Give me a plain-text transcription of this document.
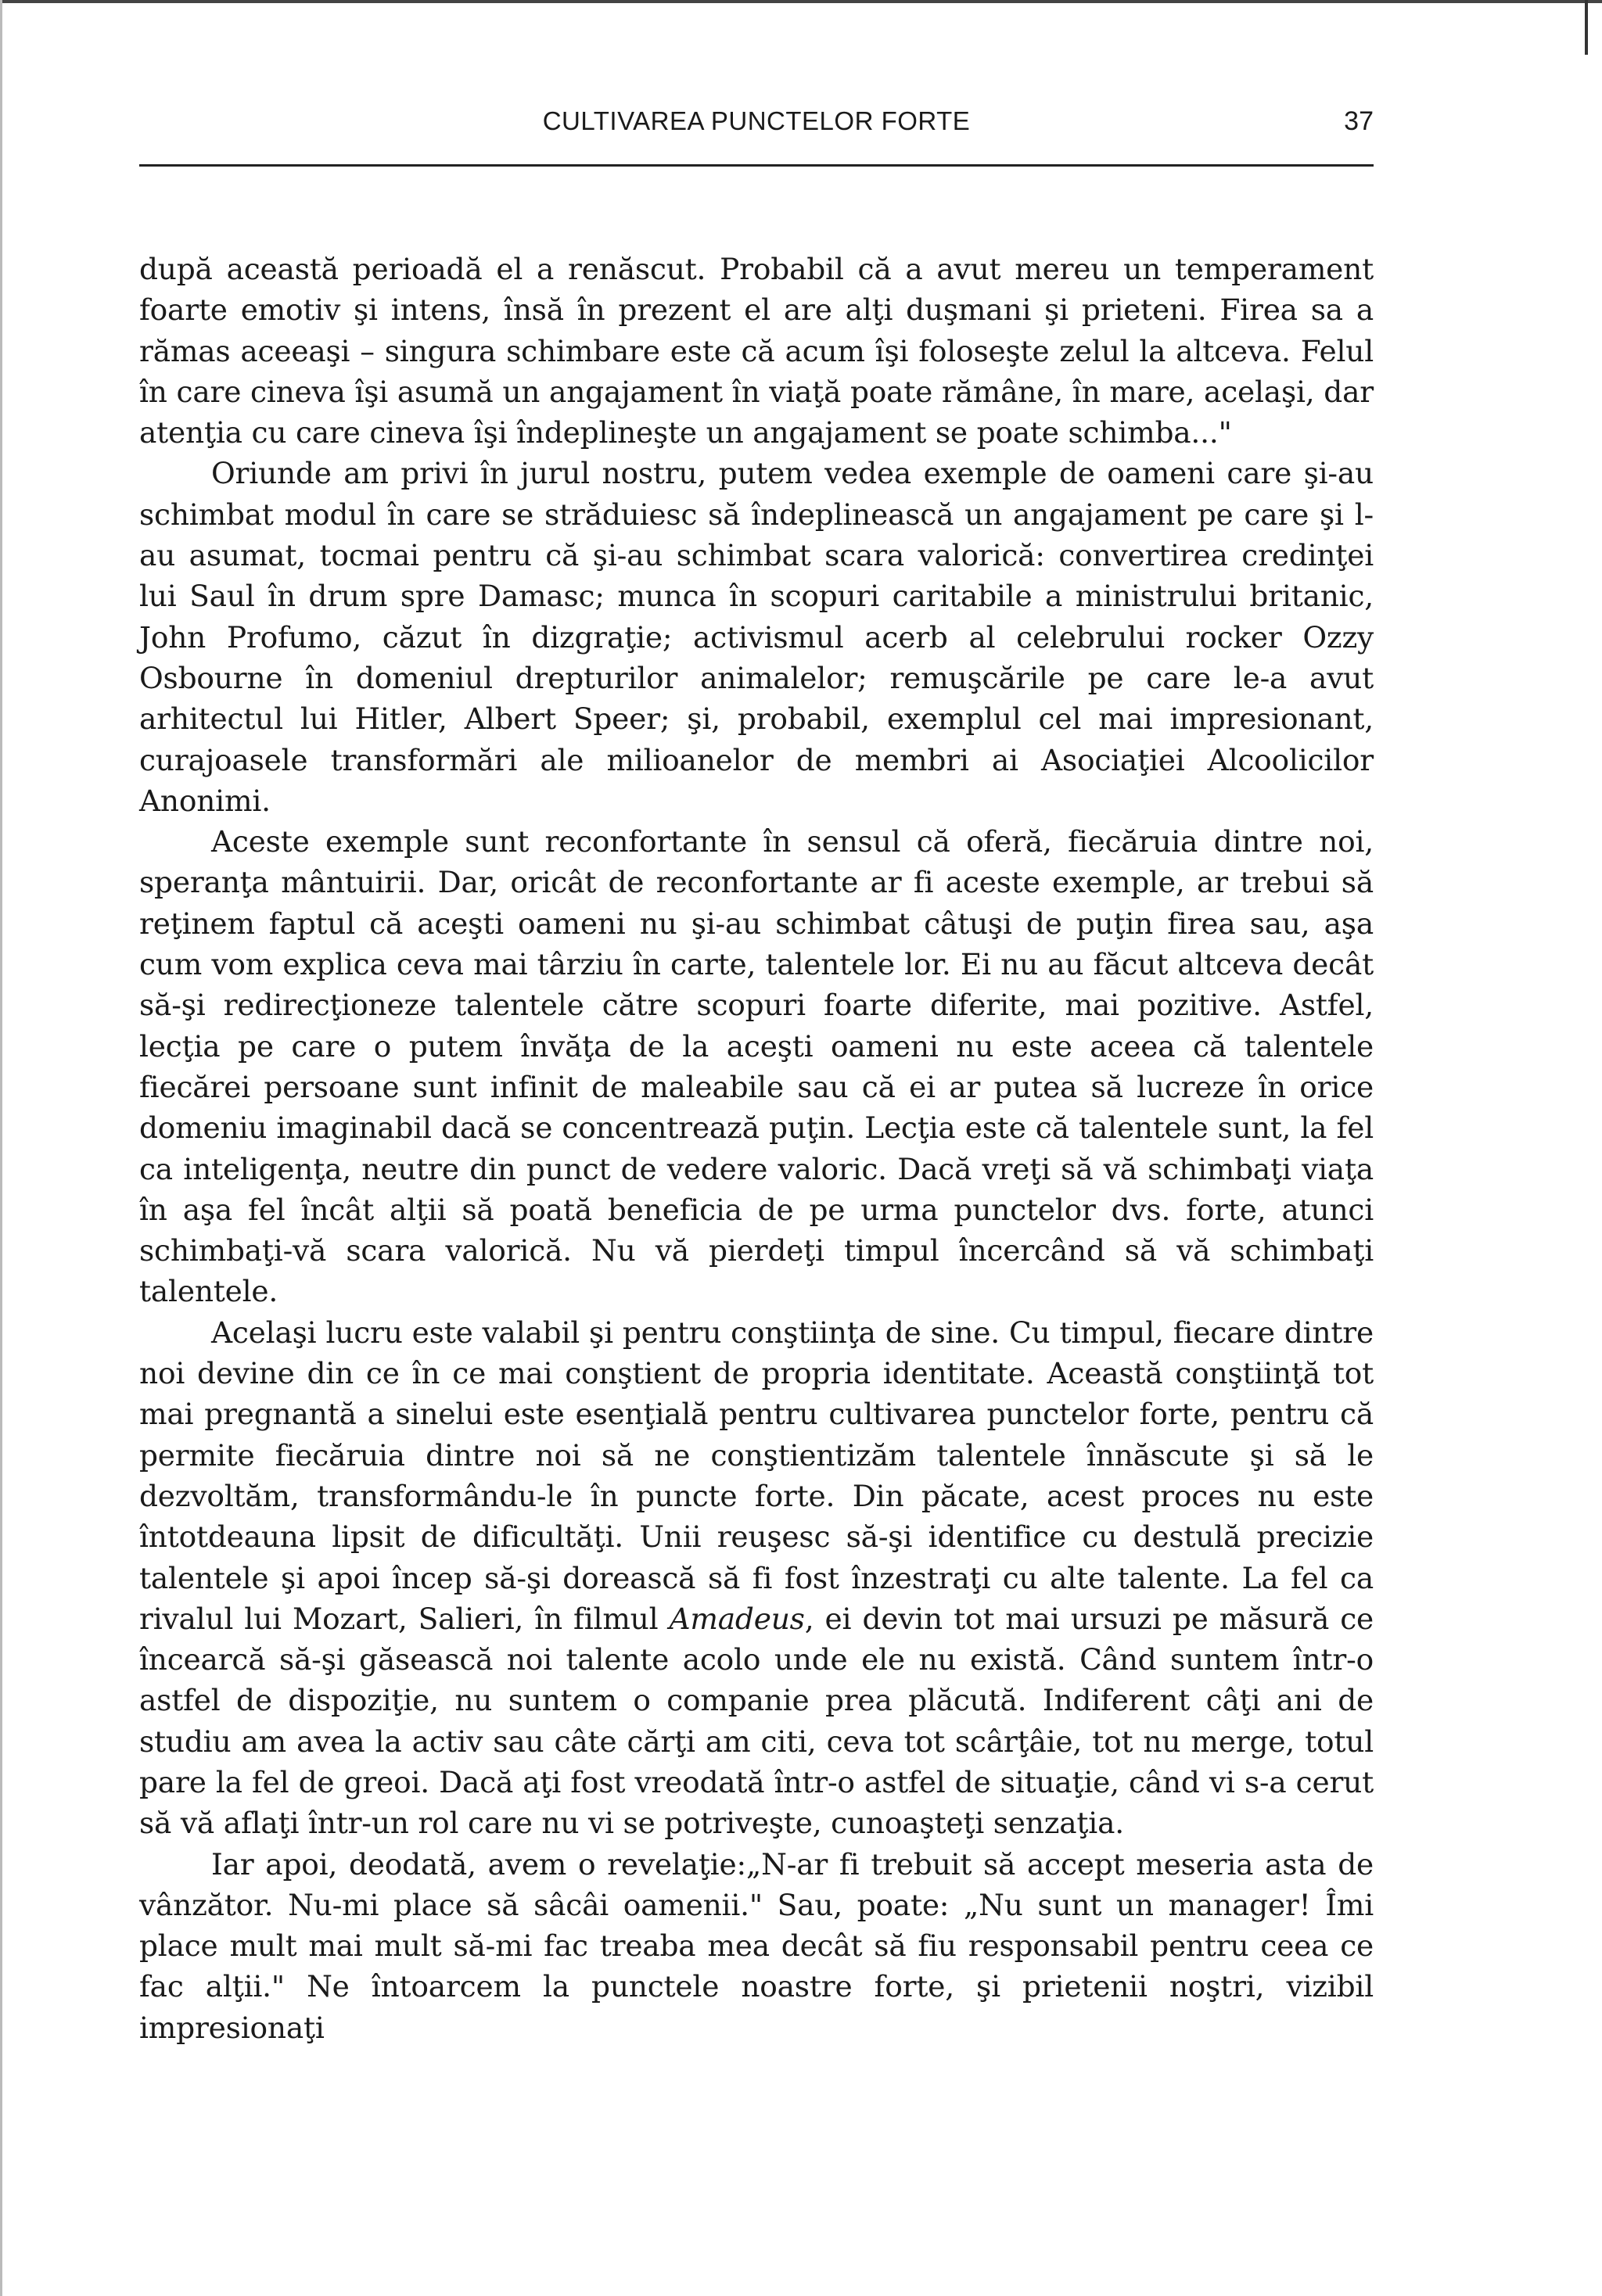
CULTIVAREA PUNCTELOR FORTE	37

după această perioadă el a renăscut. Probabil că a avut mereu un temperament foarte emotiv şi intens, însă în prezent el are alţi duşmani şi prieteni. Firea sa a rămas aceeaşi – singura schimbare este că acum îşi foloseşte zelul la altceva. Felul în care cineva îşi asumă un angajament în viaţă poate rămâne, în mare, acelaşi, dar atenţia cu care cineva îşi îndeplineşte un angajament se poate schimba..."

Oriunde am privi în jurul nostru, putem vedea exemple de oameni care şi-au schimbat modul în care se străduiesc să îndeplinească un angajament pe care şi l-au asumat, tocmai pentru că şi-au schimbat scara valorică: convertirea credinţei lui Saul în drum spre Damasc; munca în scopuri caritabile a ministrului britanic, John Profumo, căzut în dizgraţie; activismul acerb al celebrului rocker Ozzy Osbourne în domeniul drepturilor animalelor; remuşcările pe care le-a avut arhitectul lui Hitler, Albert Speer; şi, probabil, exemplul cel mai impresionant, curajoasele transformări ale milioanelor de membri ai Asociaţiei Alcoolicilor Anonimi.

Aceste exemple sunt reconfortante în sensul că oferă, fiecăruia dintre noi, speranţa mântuirii. Dar, oricât de reconfortante ar fi aceste exemple, ar trebui să reţinem faptul că aceşti oameni nu şi-au schimbat câtuşi de puţin firea sau, aşa cum vom explica ceva mai târziu în carte, talentele lor. Ei nu au făcut altceva decât să-şi redirecţioneze talentele către scopuri foarte diferite, mai pozitive. Astfel, lecţia pe care o putem învăţa de la aceşti oameni nu este aceea că talentele fiecărei persoane sunt infinit de maleabile sau că ei ar putea să lucreze în orice domeniu imaginabil dacă se concentrează puţin. Lecţia este că talentele sunt, la fel ca inteligenţa, neutre din punct de vedere valoric. Dacă vreţi să vă schimbaţi viaţa în aşa fel încât alţii să poată beneficia de pe urma punctelor dvs. forte, atunci schimbaţi-vă scara valorică. Nu vă pierdeţi timpul încercând să vă schimbaţi talentele.

Acelaşi lucru este valabil şi pentru conştiinţa de sine. Cu timpul, fiecare dintre noi devine din ce în ce mai conştient de propria identitate. Această conştiinţă tot mai pregnantă a sinelui este esenţială pentru cultivarea punctelor forte, pentru că permite fiecăruia dintre noi să ne conştientizăm talentele înnăscute şi să le dezvoltăm, transformându-le în puncte forte. Din păcate, acest proces nu este întotdeauna lipsit de dificultăţi. Unii reuşesc să-şi identifice cu destulă precizie talentele şi apoi încep să-şi dorească să fi fost înzestraţi cu alte talente. La fel ca rivalul lui Mozart, Salieri, în filmul Amadeus, ei devin tot mai ursuzi pe măsură ce încearcă să-şi găsească noi talente acolo unde ele nu există. Când suntem într-o astfel de dispoziţie, nu suntem o companie prea plăcută. Indiferent câţi ani de studiu am avea la activ sau câte cărţi am citi, ceva tot scârţâie, tot nu merge, totul pare la fel de greoi. Dacă aţi fost vreodată într-o astfel de situaţie, când vi s-a cerut să vă aflaţi într-un rol care nu vi se potriveşte, cunoaşteţi senzaţia.

Iar apoi, deodată, avem o revelaţie:„N-ar fi trebuit să accept meseria asta de vânzător. Nu-mi place să sâcâi oamenii." Sau, poate: „Nu sunt un manager! Îmi place mult mai mult să-mi fac treaba mea decât să fiu responsabil pentru ceea ce fac alţii." Ne întoarcem la punctele noastre forte, şi prietenii noştri, vizibil impresionaţi
